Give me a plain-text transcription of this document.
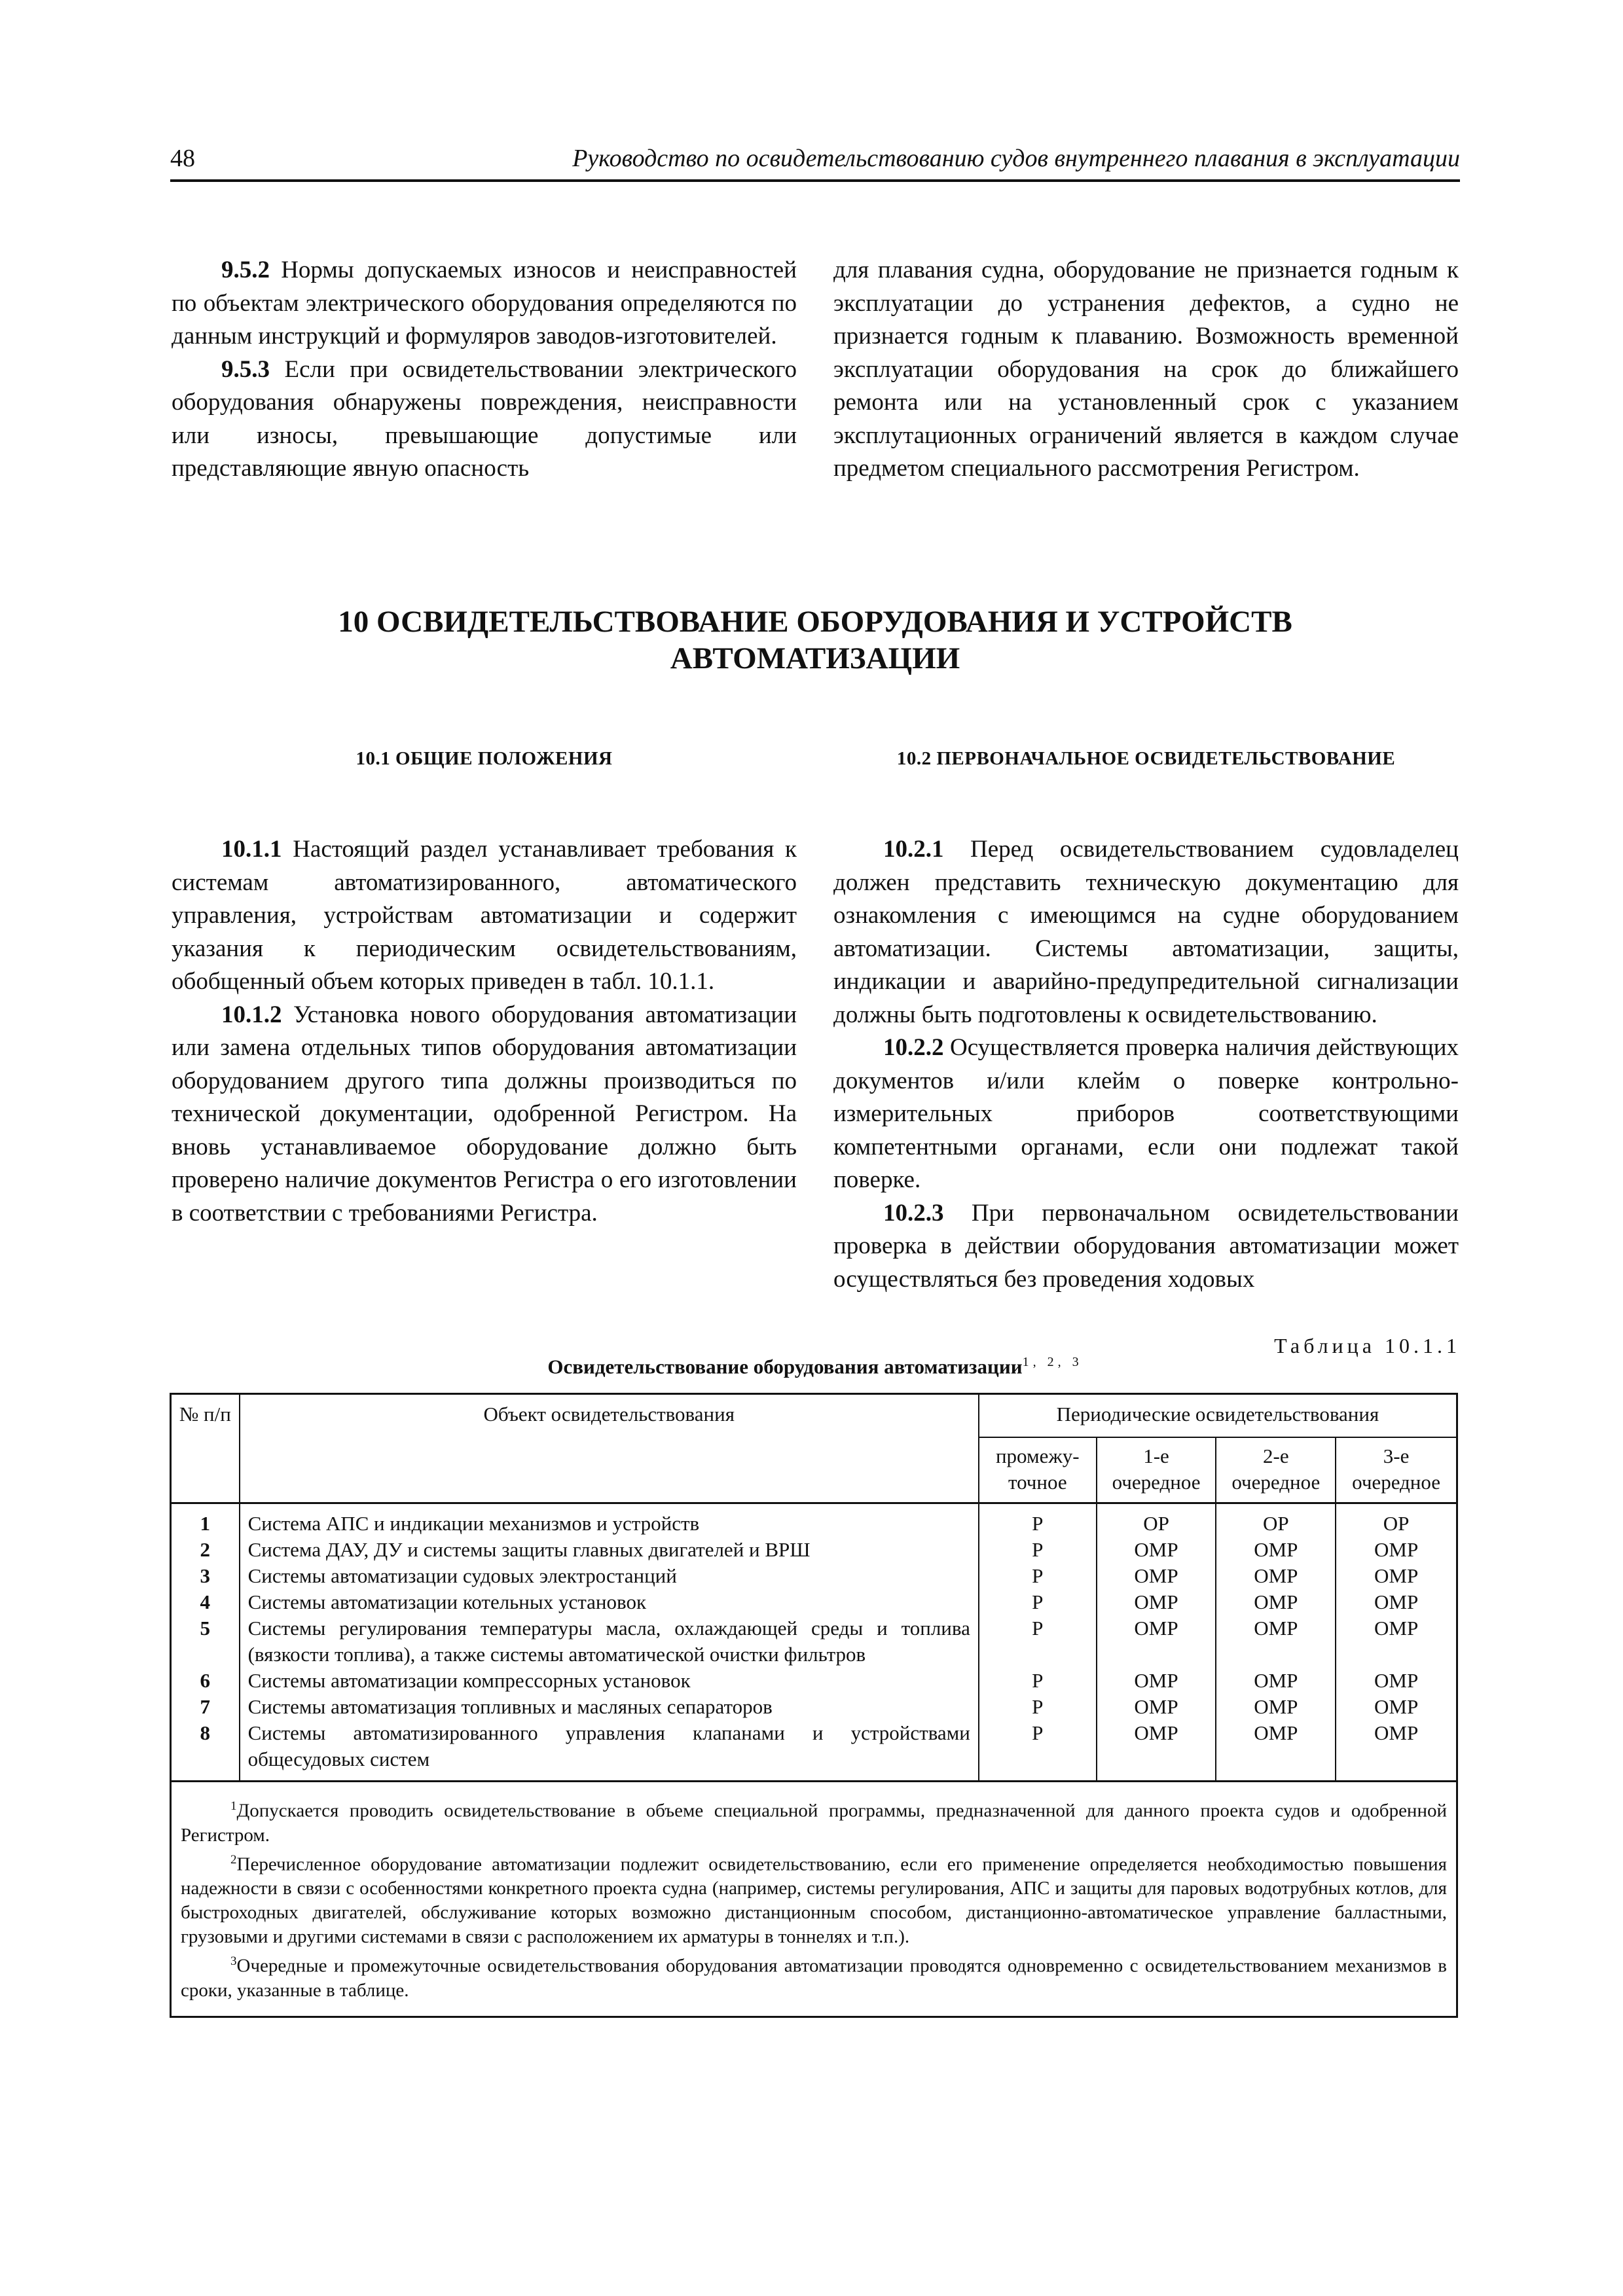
48	Руководство по освидетельствованию судов внутреннего плавания в эксплуатации

9.5.2 Нормы допускаемых износов и неисправностей по объектам электрического оборудования определяются по данным инструкций и формуляров заводов-изготовителей.

9.5.3 Если при освидетельствовании электрического оборудования обнаружены повреждения, неисправности или износы, превышающие допустимые или представляющие явную опасность

для плавания судна, оборудование не признается годным к эксплуатации до устранения дефектов, а судно не признается годным к плаванию. Возможность временной эксплуатации оборудования на срок до ближайшего ремонта или на установленный срок с указанием эксплутационных ограничений является в каждом случае предметом специального рассмотрения Регистром.

10 ОСВИДЕТЕЛЬСТВОВАНИЕ ОБОРУДОВАНИЯ И УСТРОЙСТВ
АВТОМАТИЗАЦИИ
10.1 ОБЩИЕ ПОЛОЖЕНИЯ	10.2 ПЕРВОНАЧАЛЬНОЕ ОСВИДЕТЕЛЬСТВОВАНИЕ

10.1.1 Настоящий раздел устанавливает требования к системам автоматизированного, автоматического управления, устройствам автоматизации и содержит указания к периодическим освидетельствованиям, обобщенный объем которых приведен в табл. 10.1.1.

10.1.2 Установка нового оборудования автоматизации или замена отдельных типов оборудования автоматизации оборудованием другого типа должны производиться по технической документации, одобренной Регистром. На вновь устанавливаемое оборудование должно быть проверено наличие документов Регистра о его изготовлении в соответствии с требованиями Регистра.

10.2.1 Перед освидетельствованием судовладелец должен представить техническую документацию для ознакомления с имеющимся на судне оборудованием автоматизации. Системы автоматизации, защиты, индикации и аварийно-предупредительной сигнализации должны быть подготовлены к освидетельствованию.

10.2.2 Осуществляется проверка наличия действующих документов и/или клейм о поверке контрольно-измерительных приборов соответствующими компетентными органами, если они подлежат такой поверке.

10.2.3 При первоначальном освидетельствовании проверка в действии оборудования автоматизации может осуществляться без проведения ходовых

Таблица 10.1.1
Освидетельствование оборудования автоматизации$^{1, 2, 3}$
№ п/п	Объект освидетельствования	Периодические освидетельствования			
		промежу-точное	1-е очередное	2-е очередное	3-е очередное
1	Система АПС и индикации механизмов и устройств	Р	ОР	ОР	ОР
2	Система ДАУ, ДУ и системы защиты главных двигателей и ВРШ	Р	ОМР	ОМР	ОМР
3	Системы автоматизации судовых электростанций	Р	ОМР	ОМР	ОМР
4	Системы автоматизации котельных установок	Р	ОМР	ОМР	ОМР
5	Системы регулирования температуры масла, охлаждающей среды и топлива (вязкости топлива), а также системы автоматической очистки фильтров	Р	ОМР	ОМР	ОМР
6	Системы автоматизации компрессорных установок	Р	ОМР	ОМР	ОМР
7	Системы автоматизация топливных и масляных сепараторов	Р	ОМР	ОМР	ОМР
8	Системы автоматизированного управления клапанами и устройствами общесудовых систем	Р	ОМР	ОМР	ОМР

$^1$Допускается проводить освидетельствование в объеме специальной программы, предназначенной для данного проекта судов и одобренной Регистром.

$^2$Перечисленное оборудование автоматизации подлежит освидетельствованию, если его применение определяется необходимостью повышения надежности в связи с особенностями конкретного проекта судна (например, системы регулирования, АПС и защиты для паровых водотрубных котлов, для быстроходных двигателей, обслуживание которых возможно дистанционным способом, дистанционно-автоматическое управление балластными, грузовыми и другими системами в связи с расположением их арматуры в тоннелях и т.п.).

$^3$Очередные и промежуточные освидетельствования оборудования автоматизации проводятся одновременно с освидетельствованием механизмов в сроки, указанные в таблице.
